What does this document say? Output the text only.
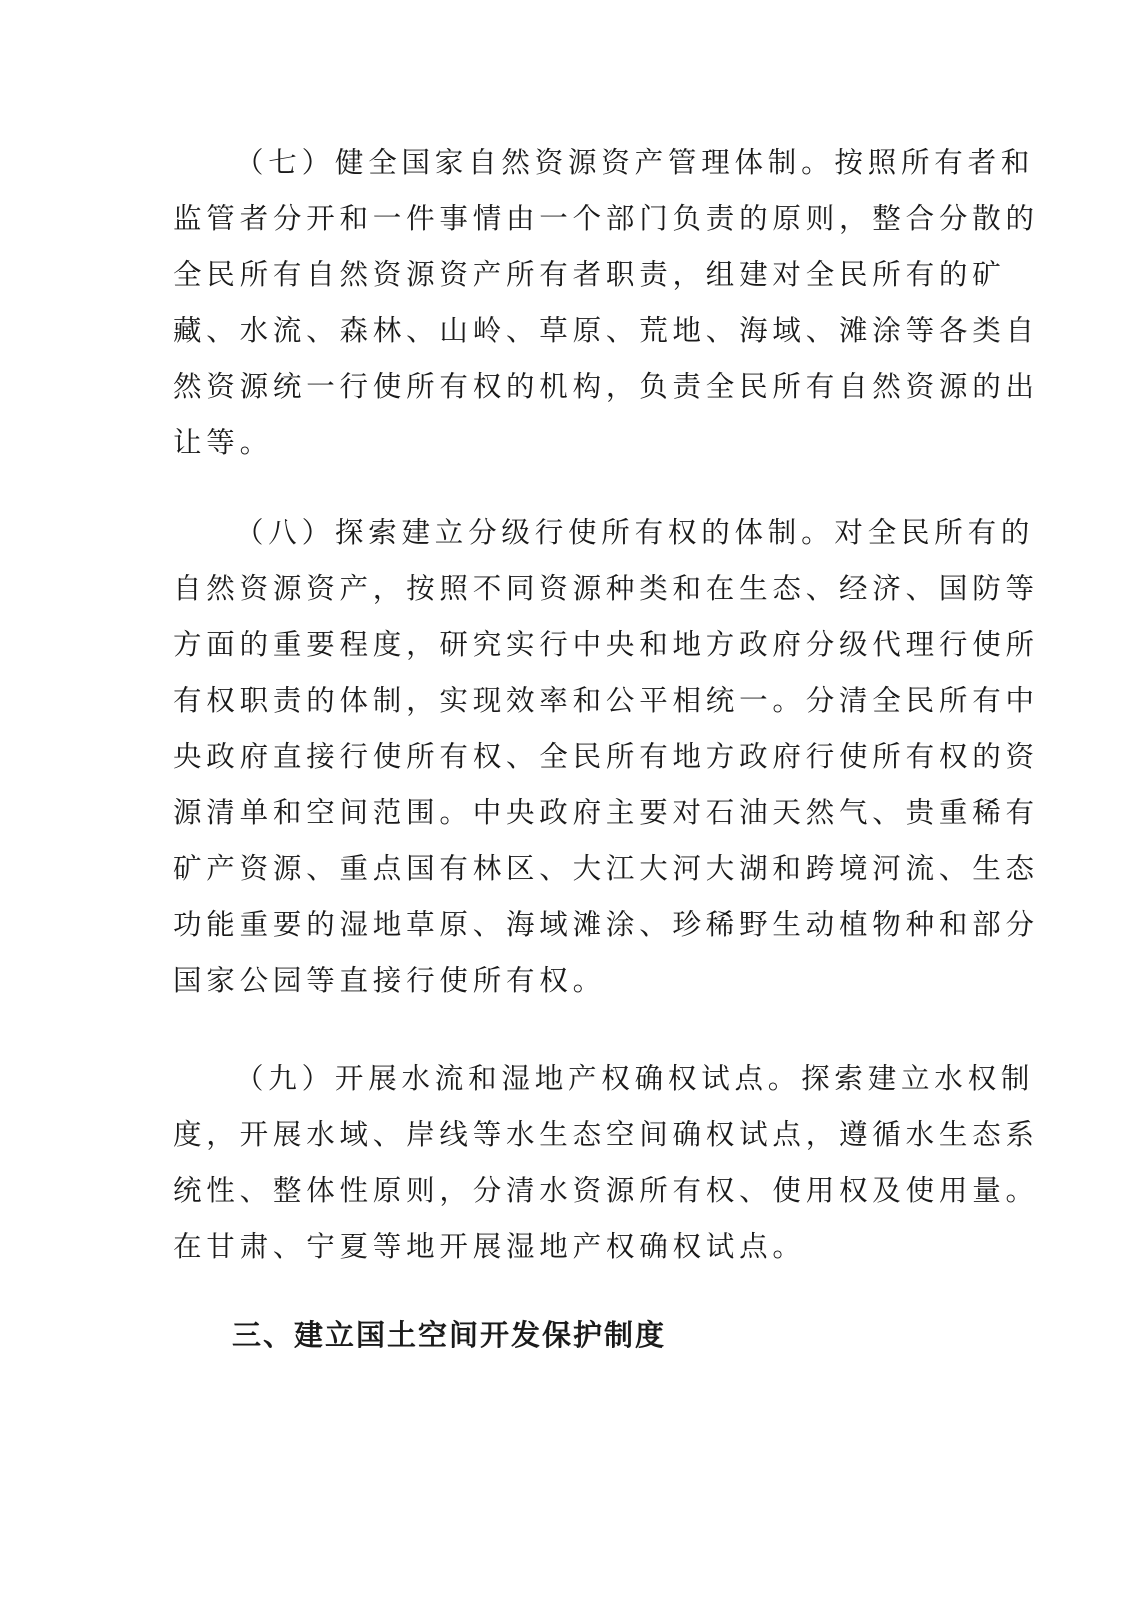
（七）健全国家自然资源资产管理体制。按照所有者和
监管者分开和一件事情由一个部门负责的原则，整合分散的
全民所有自然资源资产所有者职责，组建对全民所有的矿
藏、水流、森林、山岭、草原、荒地、海域、滩涂等各类自
然资源统一行使所有权的机构，负责全民所有自然资源的出
让等。
（八）探索建立分级行使所有权的体制。对全民所有的
自然资源资产，按照不同资源种类和在生态、经济、国防等
方面的重要程度，研究实行中央和地方政府分级代理行使所
有权职责的体制，实现效率和公平相统一。分清全民所有中
央政府直接行使所有权、全民所有地方政府行使所有权的资
源清单和空间范围。中央政府主要对石油天然气、贵重稀有
矿产资源、重点国有林区、大江大河大湖和跨境河流、生态
功能重要的湿地草原、海域滩涂、珍稀野生动植物种和部分
国家公园等直接行使所有权。
（九）开展水流和湿地产权确权试点。探索建立水权制
度，开展水域、岸线等水生态空间确权试点，遵循水生态系
统性、整体性原则，分清水资源所有权、使用权及使用量。
在甘肃、宁夏等地开展湿地产权确权试点。
三、建立国土空间开发保护制度
